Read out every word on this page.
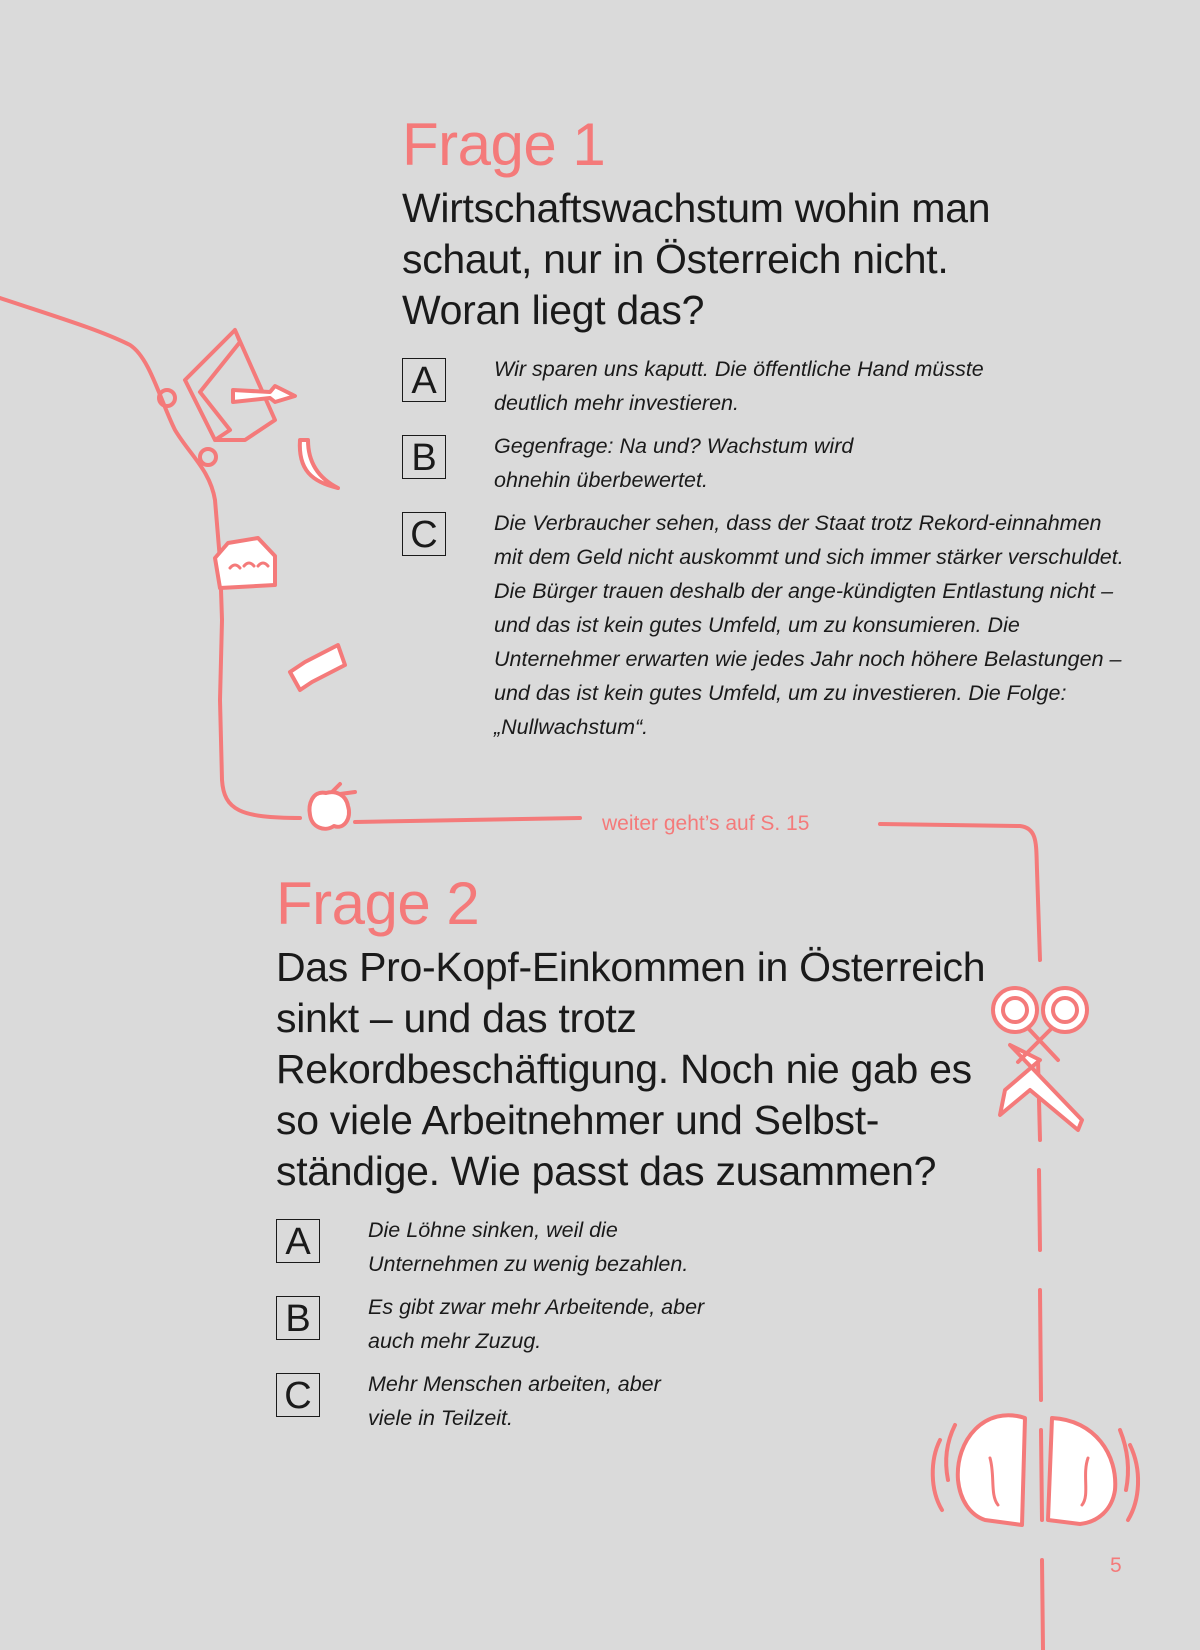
Frage 1

Wirtschaftswachstum wohin man schaut, nur in Österreich nicht. Woran liegt das?

A	Wir sparen uns kaputt. Die öffentliche Hand müsste deutlich mehr investieren.
B	Gegenfrage: Na und? Wachstum wird ohnehin überbewertet.
C	Die Verbraucher sehen, dass der Staat trotz Rekord-einnahmen mit dem Geld nicht auskommt und sich immer stärker verschuldet. Die Bürger trauen deshalb der ange-kündigten Entlastung nicht – und das ist kein gutes Umfeld, um zu konsumieren. Die Unternehmer erwarten wie jedes Jahr noch höhere Belastungen – und das ist kein gutes Umfeld, um zu investieren. Die Folge: „Nullwachstum“.
weiter geht’s auf S. 15
Frage 2

Das Pro-Kopf-Einkommen in Österreich sinkt – und das trotz Rekordbeschäftigung. Noch nie gab es so viele Arbeitnehmer und Selbst-ständige. Wie passt das zusammen?

A	Die Löhne sinken, weil die Unternehmen zu wenig bezahlen.
B	Es gibt zwar mehr Arbeitende, aber auch mehr Zuzug.
C	Mehr Menschen arbeiten, aber viele in Teilzeit.
5
